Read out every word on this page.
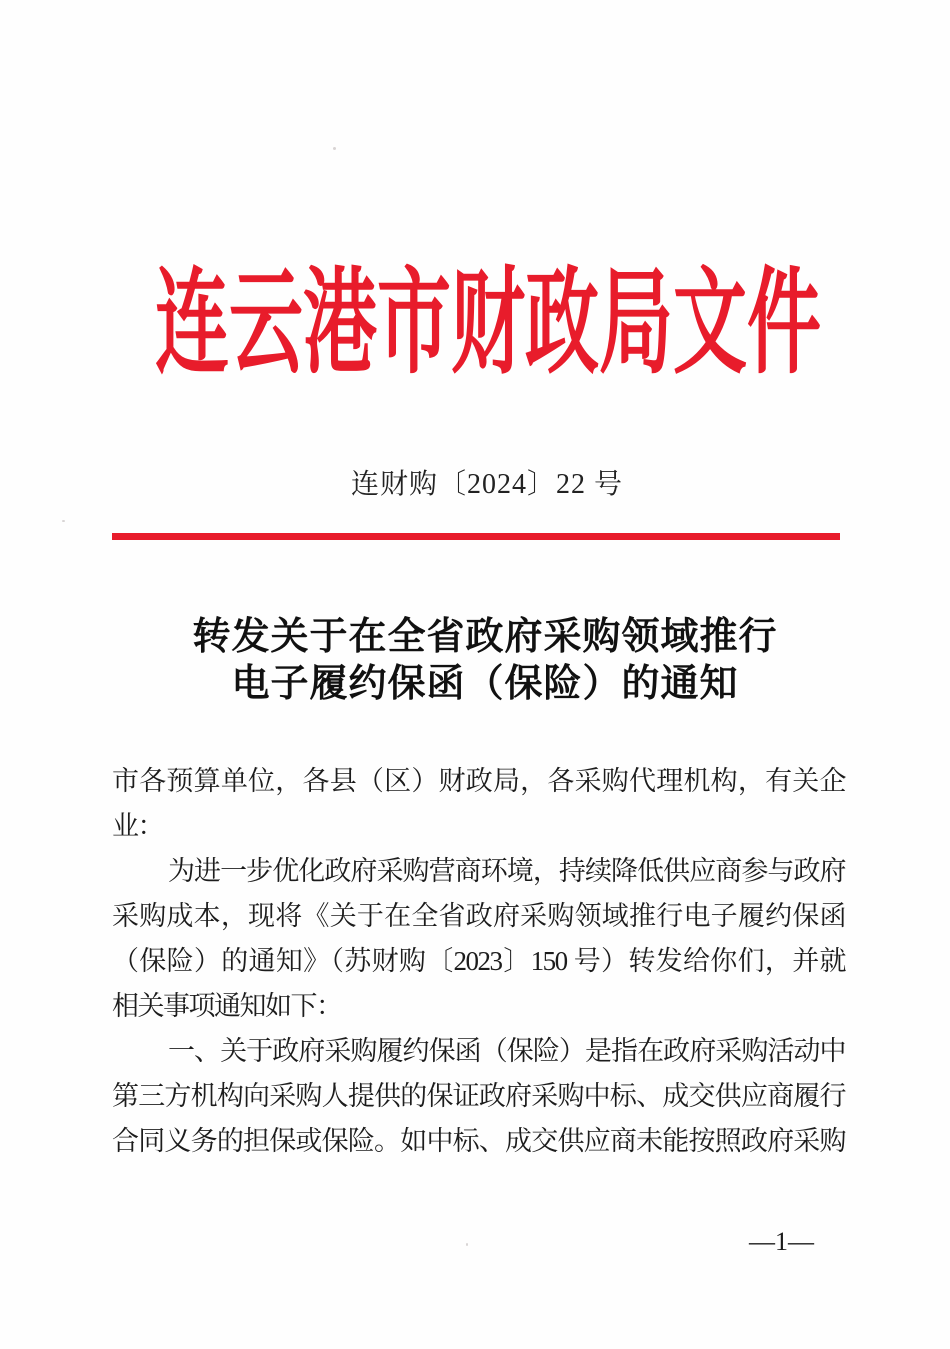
连云港市财政局文件
连财购〔2024〕22 号
转发关于在全省政府采购领域推行
电子履约保函（保险）的通知
市各预算单位，各县（区）财政局，各采购代理机构，有关企
业：
为进一步优化政府采购营商环境，持续降低供应商参与政府
采购成本，现将《关于在全省政府采购领域推行电子履约保函
（保险）的通知》（苏财购〔2023〕150 号）转发给你们，并就
相关事项通知如下：
一、关于政府采购履约保函（保险）是指在政府采购活动中
第三方机构向采购人提供的保证政府采购中标、成交供应商履行
合同义务的担保或保险。如中标、成交供应商未能按照政府采购
—1—
